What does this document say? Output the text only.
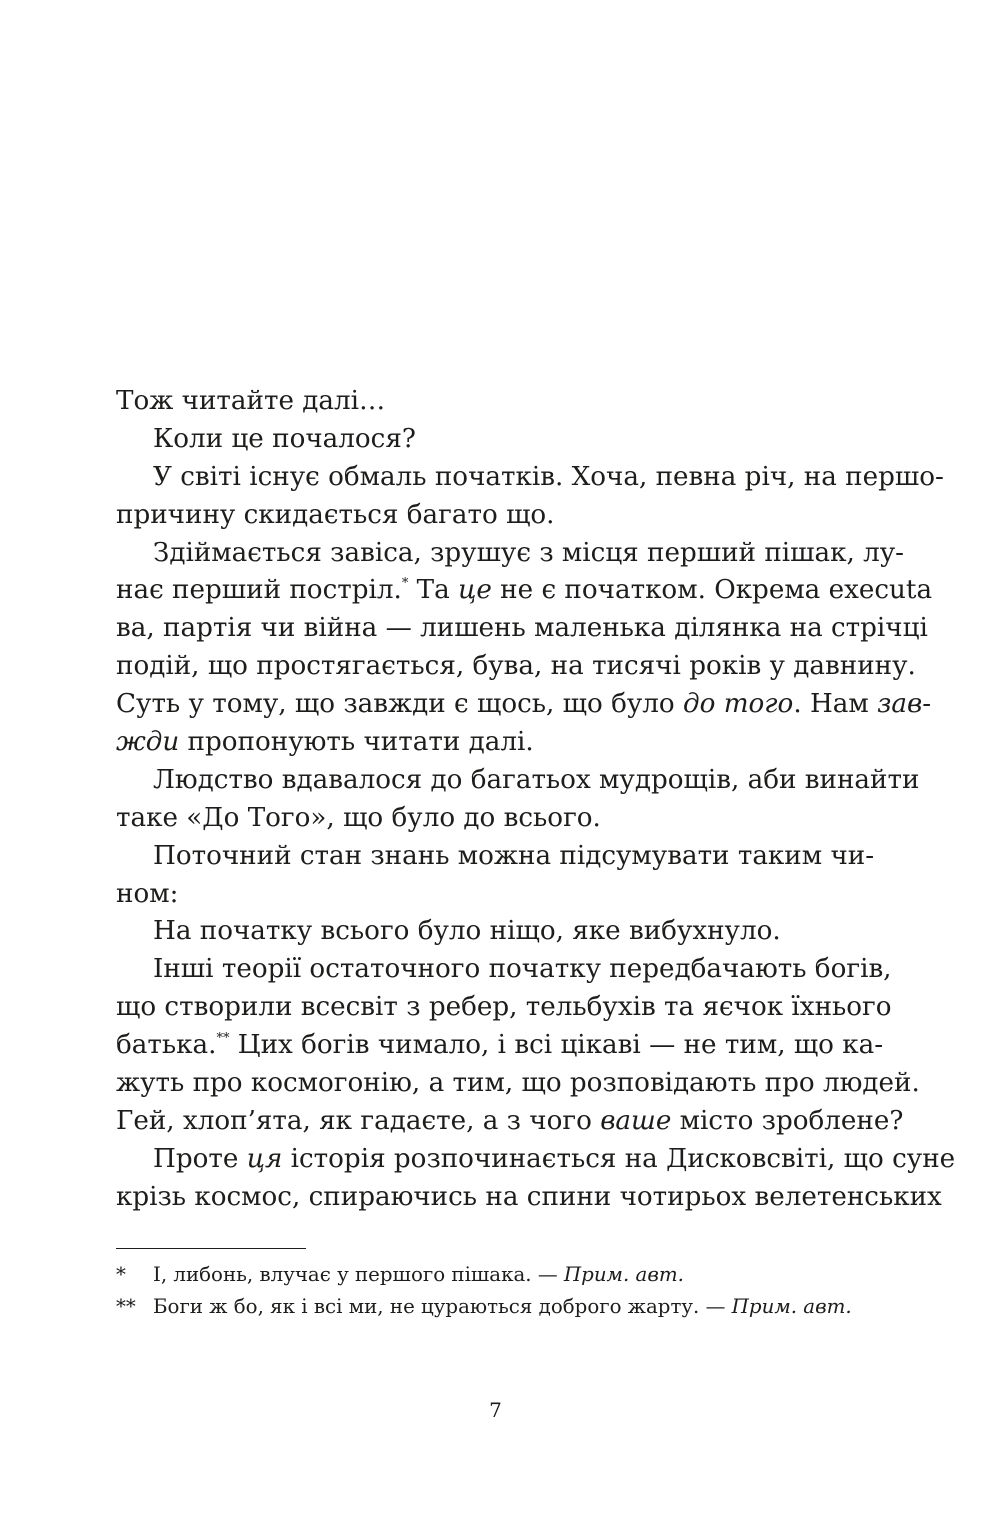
Тож читайте далі…
Коли це почалося?
У світі існує обмаль початків. Хоча, певна річ, на першо-
причину скидається багато що.
Здіймається завіса, зрушує з місця перший пішак, лу-
нає перший постріл.* Та це не є початком. Окрема executa
ва, партія чи війна — лишень маленька ділянка на стрічці
подій, що простягається, бува, на тисячі років у давнину.
Суть у тому, що завжди є щось, що було до того. Нам зав-
жди пропонують читати далі.
Людство вдавалося до багатьох мудрощів, аби винайти
таке «До Того», що було до всього.
Поточний стан знань можна підсумувати таким чи-
ном:
На початку всього було ніщо, яке вибухнуло.
Інші теорії остаточного початку передбачають богів,
що створили всесвіт з ребер, тельбухів та яєчок їхнього
батька.** Цих богів чимало, і всі цікаві — не тим, що ка-
жуть про космогонію, а тим, що розповідають про людей.
Гей, хлоп’ята, як гадаєте, а з чого ваше місто зроблене?
Проте ця історія розпочинається на Дисковсвіті, що суне
крізь космос, спираючись на спини чотирьох велетенських
*	І, либонь, влучає у першого пішака. — Прим. авт.
** Боги ж бо, як і всі ми, не цураються доброго жарту. — Прим. авт.
7
